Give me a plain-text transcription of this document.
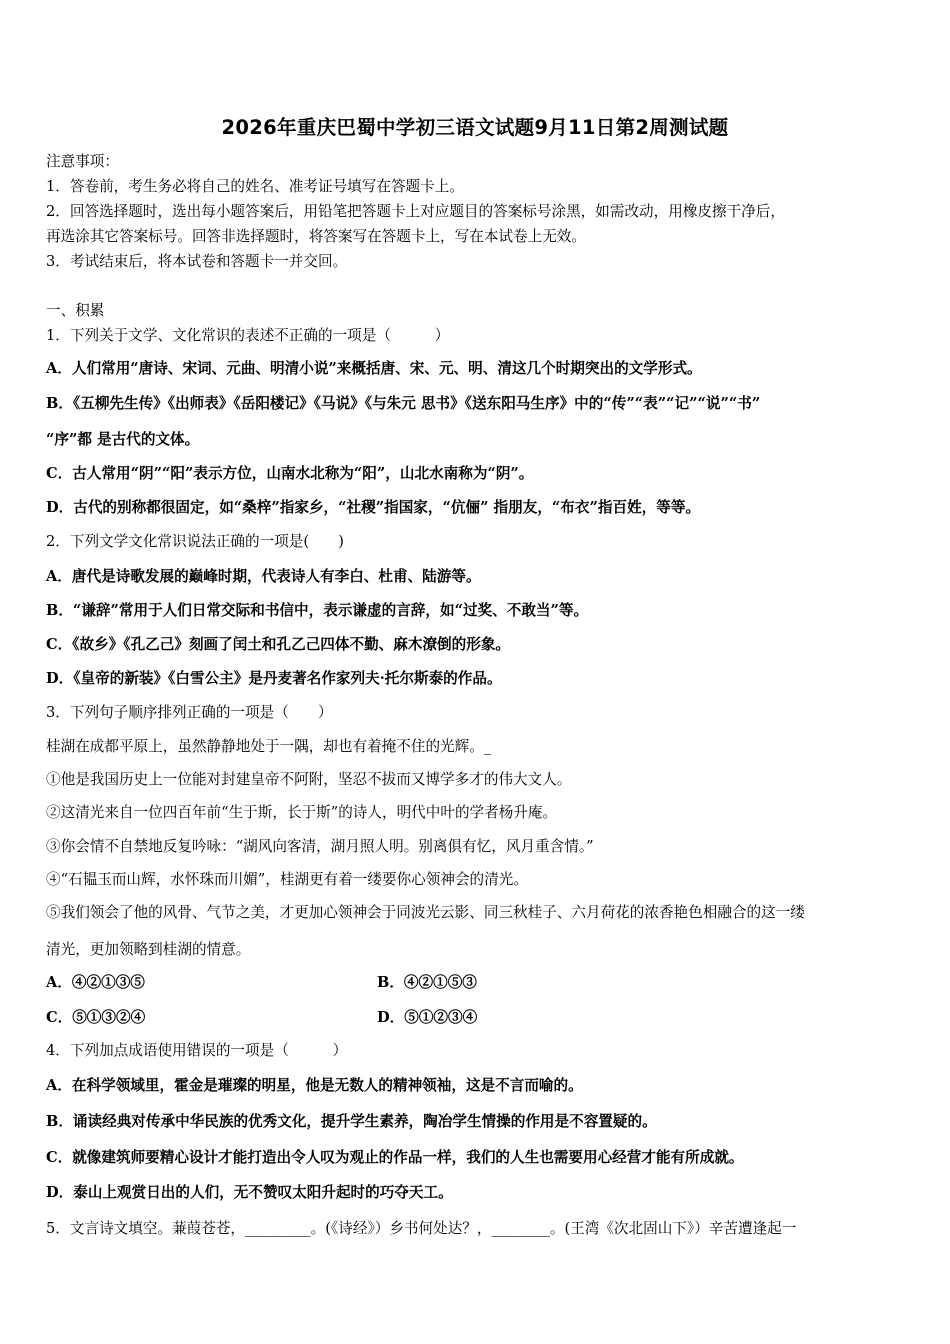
2026年重庆巴蜀中学初三语文试题9月11日第2周测试题
注意事项：
1．答卷前，考生务必将自己的姓名、准考证号填写在答题卡上。
2．回答选择题时，选出每小题答案后，用铅笔把答题卡上对应题目的答案标号涂黑，如需改动，用橡皮擦干净后，
再选涂其它答案标号。回答非选择题时，将答案写在答题卡上，写在本试卷上无效。
3．考试结束后，将本试卷和答题卡一并交回。
一、积累
1．下列关于文学、文化常识的表述不正确的一项是（　　　）
A．人们常用“唐诗、宋词、元曲、明清小说”来概括唐、宋、元、明、清这几个时期突出的文学形式。
B．《五柳先生传》《出师表》《岳阳楼记》《马说》《与朱元 思书》《送东阳马生序》中的“传”“表”“记”“说”“书”
“序”都 是古代的文体。
C．古人常用“阴”“阳”表示方位，山南水北称为“阳”，山北水南称为“阴”。
D．古代的别称都很固定，如“桑梓”指家乡，“社稷”指国家，“伉俪” 指朋友，“布衣”指百姓，等等。
2．下列文学文化常识说法正确的一项是(　　)
A．唐代是诗歌发展的巅峰时期，代表诗人有李白、杜甫、陆游等。
B．“谦辞”常用于人们日常交际和书信中，表示谦虚的言辞，如“过奖、不敢当”等。
C．《故乡》《孔乙己》刻画了闰土和孔乙己四体不勤、麻木潦倒的形象。
D．《皇帝的新装》《白雪公主》是丹麦著名作家列夫·托尔斯泰的作品。
3．下列句子顺序排列正确的一项是（　　）
桂湖在成都平原上，虽然静静地处于一隅，却也有着掩不住的光辉。_
①他是我国历史上一位能对封建皇帝不阿附，坚忍不拔而又博学多才的伟大文人。
②这清光来自一位四百年前“生于斯，长于斯”的诗人，明代中叶的学者杨升庵。
③你会情不自禁地反复吟咏：“湖风向客清，湖月照人明。别离俱有忆，风月重含情。”
④“石韫玉而山辉，水怀珠而川媚”，桂湖更有着一缕要你心领神会的清光。
⑤我们领会了他的风骨、气节之美，才更加心领神会于同波光云影、同三秋桂子、六月荷花的浓香艳色相融合的这一缕
清光，更加领略到桂湖的情意。
A．④②①③⑤	B．④②①⑤③
C．⑤①③②④	D．⑤①②③④
4．下列加点成语使用错误的一项是（　　　）
A．在科学领域里，霍金是璀璨的明星，他是无数人的精神领袖，这是不言而喻的。
B．诵读经典对传承中华民族的优秀文化，提升学生素养，陶冶学生情操的作用是不容置疑的。
C．就像建筑师要精心设计才能打造出令人叹为观止的作品一样，我们的人生也需要用心经营才能有所成就。
D．泰山上观赏日出的人们，无不赞叹太阳升起时的巧夺天工。
5．文言诗文填空。蒹葭苍苍，_________。(《诗经》）乡书何处达？，________。(王湾《次北固山下》）辛苦遭逢起一
